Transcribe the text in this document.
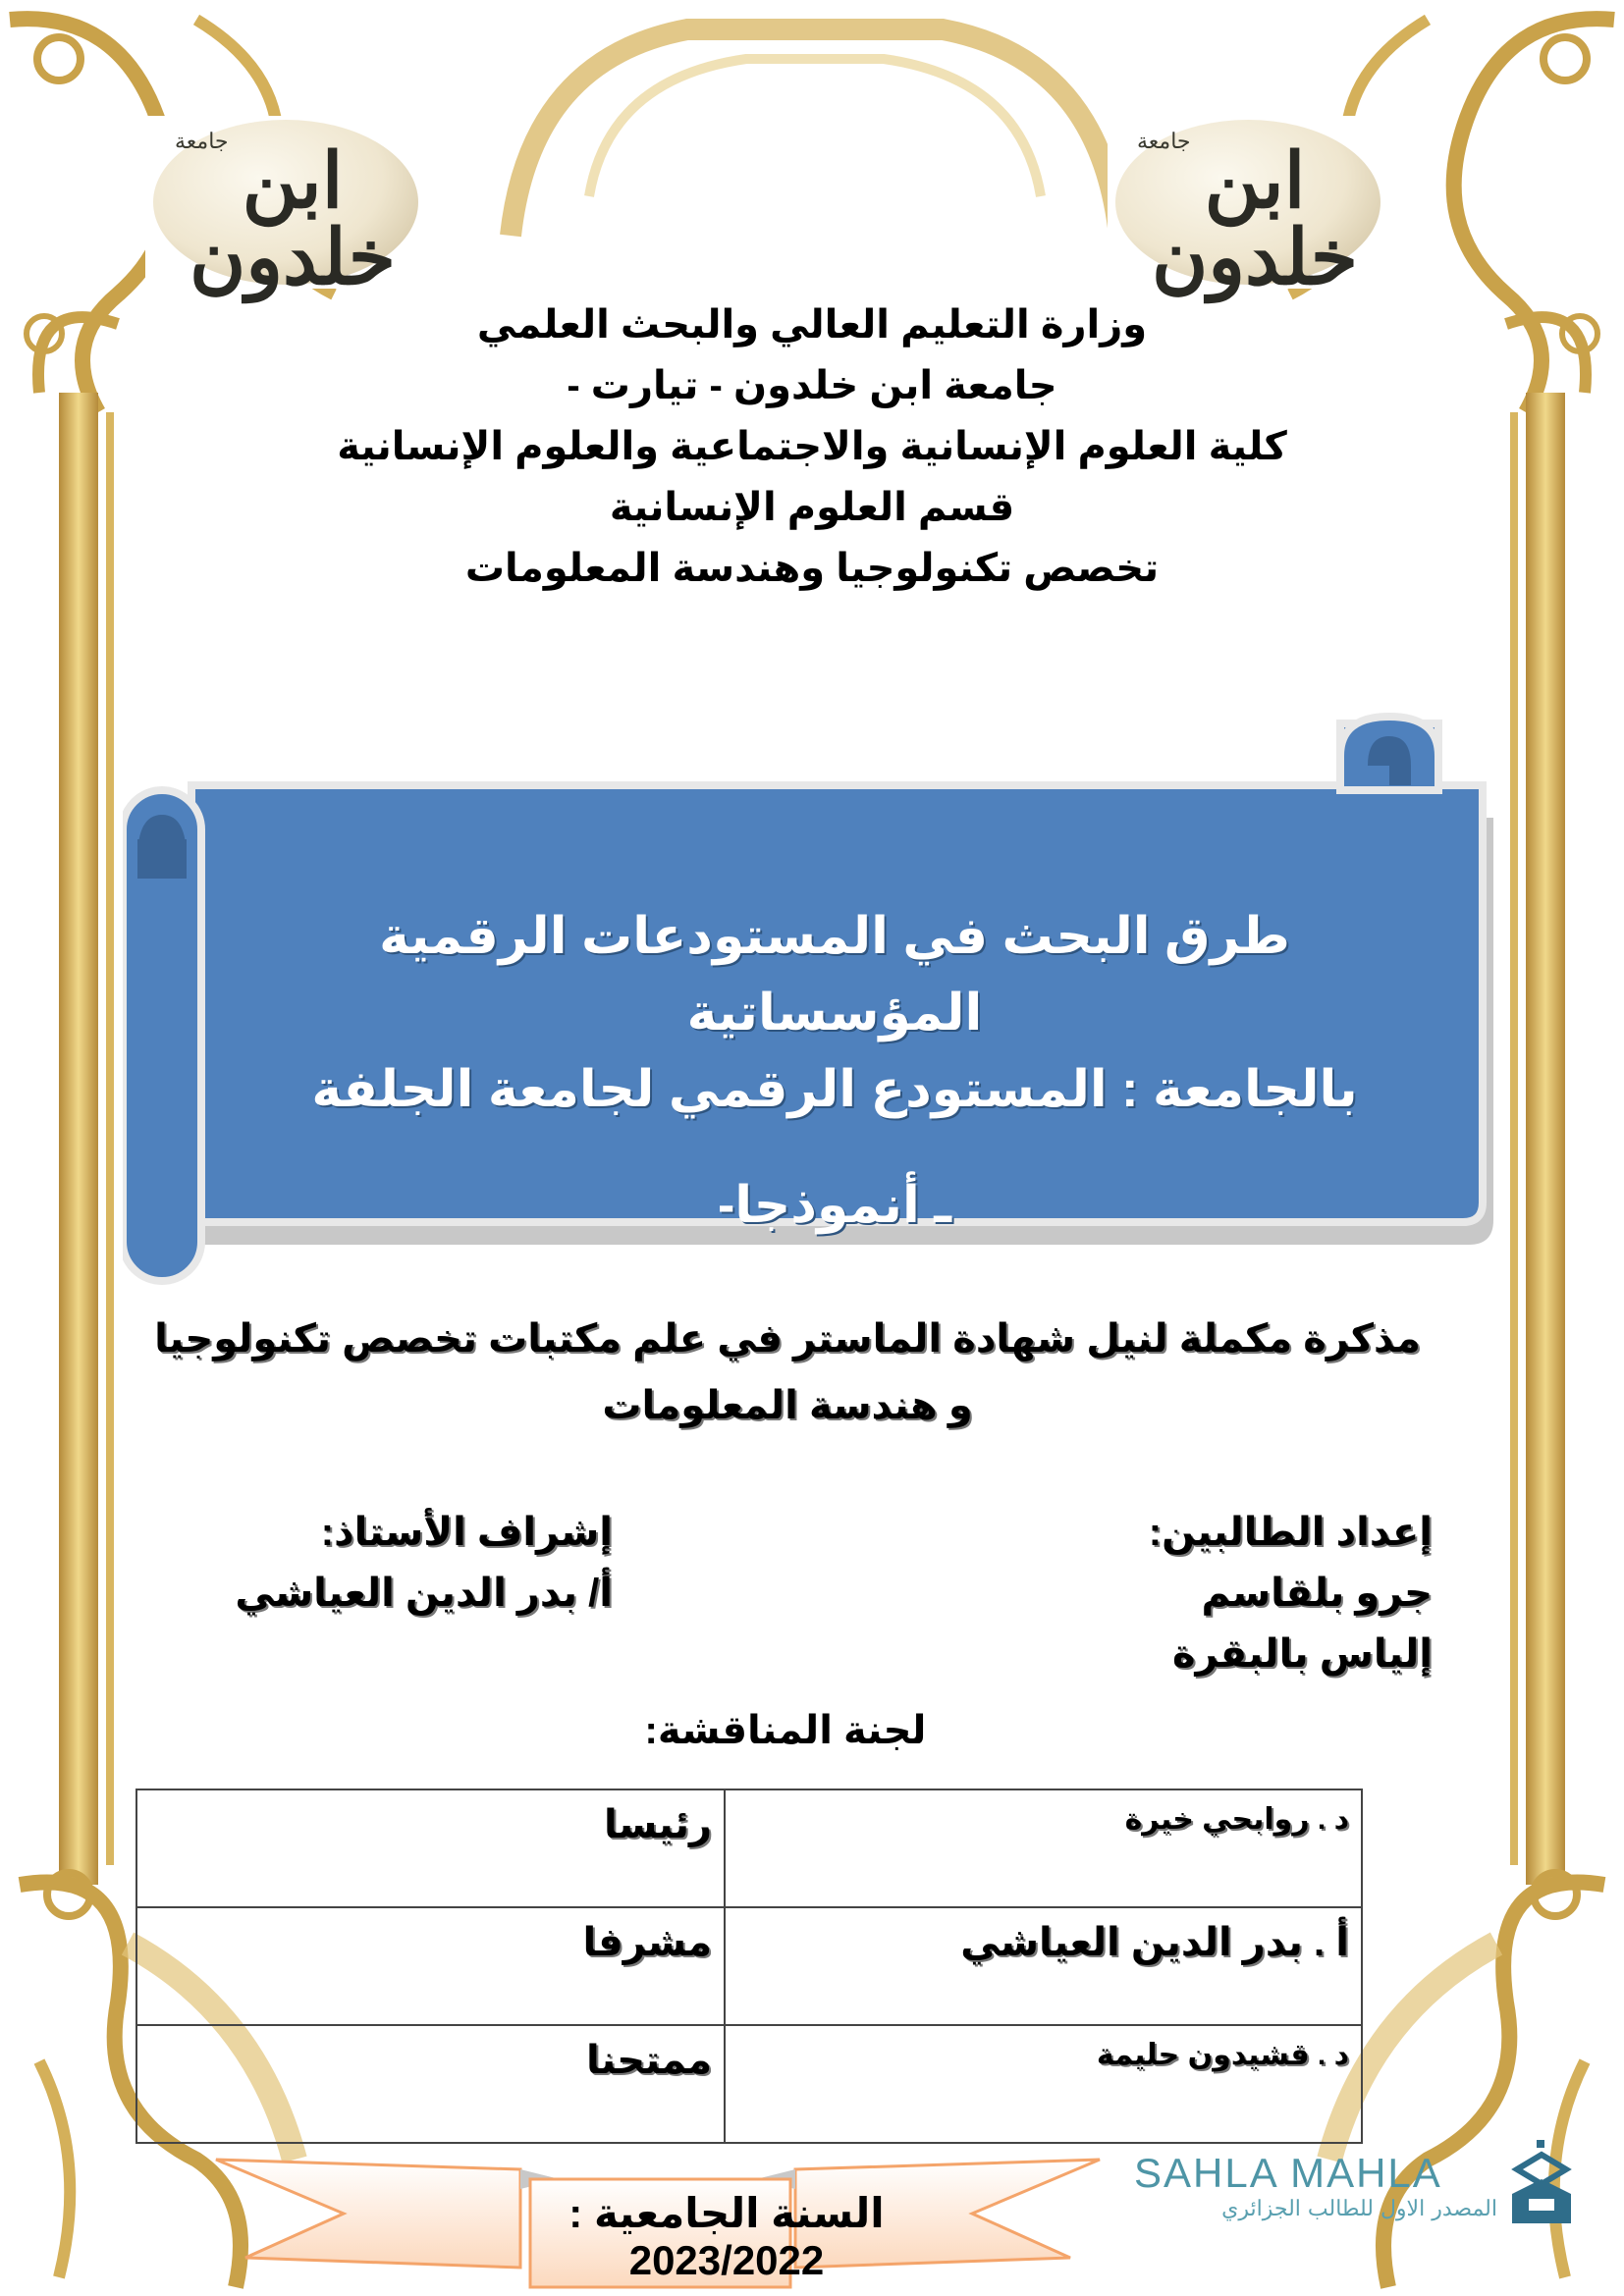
جامعة ابن خلدون
جامعة ابن خلدون
وزارة التعليم العالي والبحث العلمي
جامعة ابن خلدون - تيارت -
كلية العلوم الإنسانية والاجتماعية والعلوم الإنسانية
قسم العلوم الإنسانية
تخصص تكنولوجيا وهندسة المعلومات
طرق البحث في المستودعات الرقمية المؤسساتية
بالجامعة : المستودع الرقمي لجامعة الجلفة
ـ أنموذجا-
مذكرة مكملة لنيل شهادة الماستر في علم مكتبات تخصص تكنولوجيا
و هندسة المعلومات
إعداد الطالبين:
جرو بلقاسم
إلياس بالبقرة
إشراف الأستاذ:
أ/ بدر الدين العياشي
لجنة المناقشة:
د . روابحي خيرة	رئيسا
أ . بدر الدين العياشي	مشرفا
د . قشيدون حليمة	ممتحنا
السنة الجامعية : 2023/2022
SAHLA MAHLA
المصدر الاول للطالب الجزائري
